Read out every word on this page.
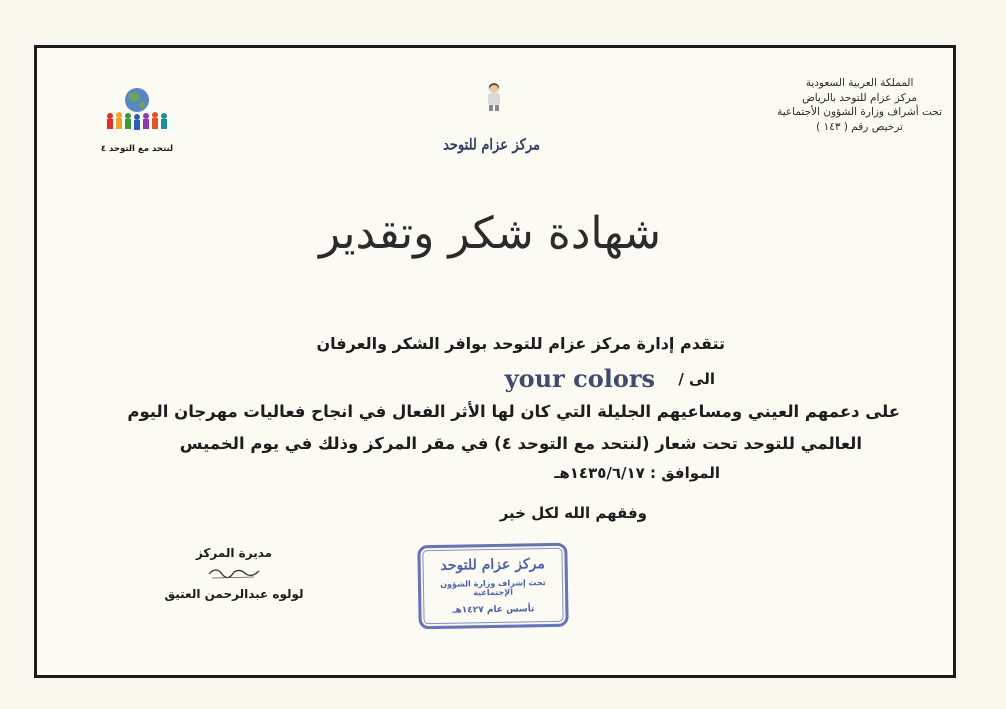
المملكة العربية السعودية
مركز عزام للتوحد بالرياض
تحت أشراف وزارة الشؤون الأجتماعية
ترخيص رقم ( ١٤٣ )
مركز عزام للتوحد
لنتحد مع التوحد ٤
شهادة شكر وتقدير
تتقدم إدارة مركز عزام للتوحد بوافر الشكر والعرفان
الى /
your colors
على دعمهم العيني ومساعيهم الجليلة التي كان لها الأثر الفعال في انجاح فعاليات مهرجان اليوم
العالمي للتوحد تحت شعار (لنتحد مع التوحد ٤) في مقر المركز وذلك في يوم الخميس
الموافق : ١٤٣٥/٦/١٧هـ
وفقهم الله لكل خير
مديرة المركز
لولوه عبدالرحمن العتيق
مركز عزام للتوحد
تحت إشراف وزارة الشؤون الإجتماعية
تأسس عام ١٤٢٧هـ
